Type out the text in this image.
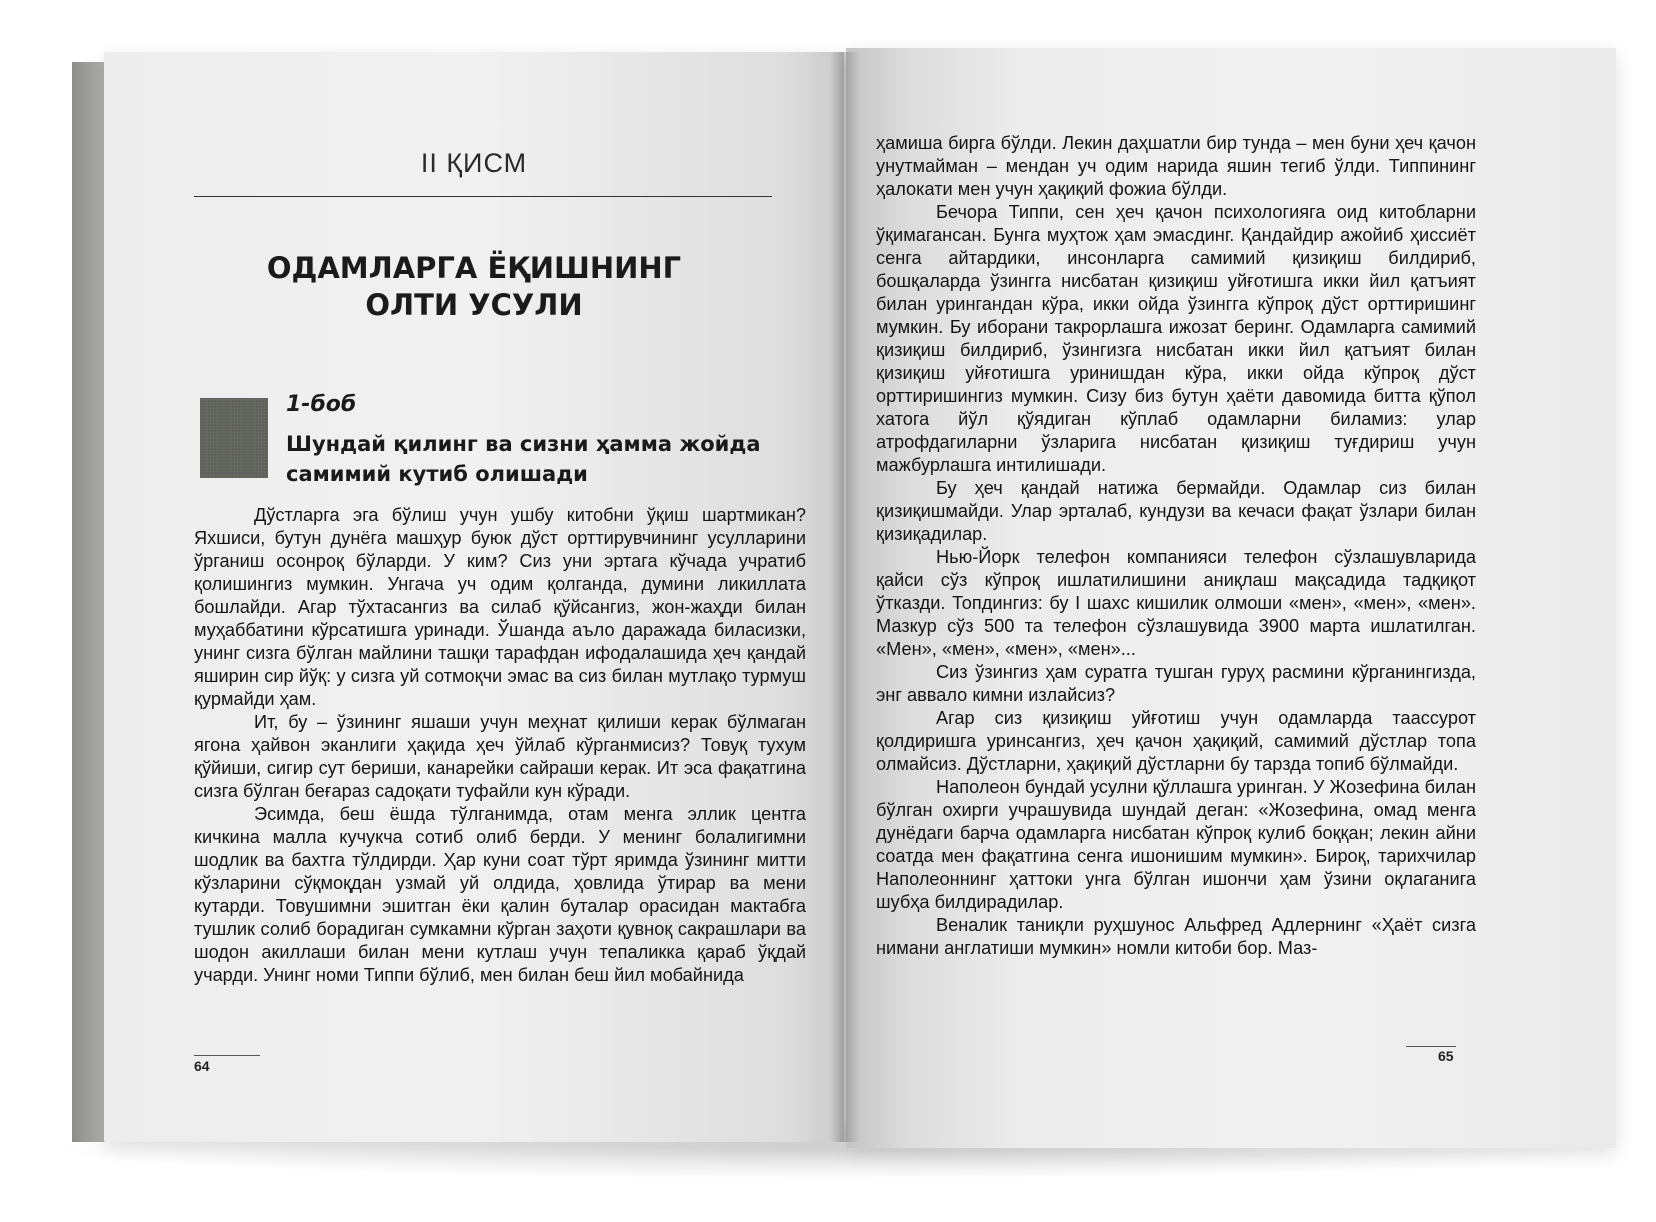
II ҚИСМ
ОДАМЛАРГА ЁҚИШНИНГ
ОЛТИ УСУЛИ
1-боб
Шундай қилинг ва сизни ҳамма жойда
самимий кутиб олишади

Дўстларга эга бўлиш учун ушбу китобни ўқиш шартмикан? Яхшиси, бутун дунёга машҳур буюк дўст орттирувчининг усулларини ўрганиш осонроқ бўларди. У ким? Сиз уни эртага кўчада учратиб қолишингиз мумкин. Унгача уч одим қолганда, думини ликиллата бошлайди. Агар тўхтасангиз ва силаб қўйсангиз, жон-жаҳди билан муҳаббатини кўрсатишга уринади. Ўшанда аъло даражада биласизки, унинг сизга бўлган майлини ташқи тарафдан ифодалашида ҳеч қандай яширин сир йўқ: у сизга уй сотмоқчи эмас ва сиз билан мутлақо турмуш қурмайди ҳам.

Ит, бу – ўзининг яшаши учун меҳнат қилиши керак бўлмаган ягона ҳайвон эканлиги ҳақида ҳеч ўйлаб кўрганмисиз? Товуқ тухум қўйиши, сигир сут бериши, канарейки сайраши керак. Ит эса фақатгина сизга бўлган беғараз садоқати туфайли кун кўради.

Эсимда, беш ёшда тўлганимда, отам менга эллик центга кичкина малла кучукча сотиб олиб берди. У менинг болалигимни шодлик ва бахтга тўлдирди. Ҳар куни соат тўрт яримда ўзининг митти кўзларини сўқмоқдан узмай уй олдида, ҳовлида ўтирар ва мени кутарди. Товушимни эшитган ёки қалин буталар орасидан мактабга тушлик солиб борадиган сумкамни кўрган заҳоти қувноқ сакрашлари ва шодон акиллаши билан мени кутлаш учун тепаликка қараб ўқдай учарди. Унинг номи Типпи бўлиб, мен билан беш йил мобайнида

64

ҳамиша бирга бўлди. Лекин даҳшатли бир тунда – мен буни ҳеч қачон унутмайман – мендан уч одим нарида яшин тегиб ўлди. Типпининг ҳалокати мен учун ҳақиқий фожиа бўлди.

Бечора Типпи, сен ҳеч қачон психологияга оид китобларни ўқимагансан. Бунга муҳтож ҳам эмасдинг. Қандайдир ажойиб ҳиссиёт сенга айтардики, инсонларга самимий қизиқиш билдириб, бошқаларда ўзингга нисбатан қизиқиш уйғотишга икки йил қатъият билан урингандан кўра, икки ойда ўзингга кўпроқ дўст орттиришинг мумкин. Бу иборани такрорлашга ижозат беринг. Одамларга самимий қизиқиш билдириб, ўзингизга нисбатан икки йил қатъият билан қизиқиш уйғотишга уринишдан кўра, икки ойда кўпроқ дўст орттиришингиз мумкин. Сизу биз бутун ҳаёти давомида битта қўпол хатога йўл қўядиган кўплаб одамларни биламиз: улар атрофдагиларни ўзларига нисбатан қизиқиш туғдириш учун мажбурлашга интилишади.

Бу ҳеч қандай натижа бермайди. Одамлар сиз билан қизиқишмайди. Улар эрталаб, кундузи ва кечаси фақат ўзлари билан қизиқадилар.

Нью-Йорк телефон компанияси телефон сўзлашувларида қайси сўз кўпроқ ишлатилишини аниқлаш мақсадида тадқиқот ўтказди. Топдингиз: бу I шахс кишилик олмоши «мен», «мен», «мен». Мазкур сўз 500 та телефон сўзлашувида 3900 марта ишлатилган. «Мен», «мен», «мен», «мен»...

Сиз ўзингиз ҳам суратга тушган гуруҳ расмини кўрганингизда, энг аввало кимни излайсиз?

Агар сиз қизиқиш уйғотиш учун одамларда таассурот қолдиришга уринсангиз, ҳеч қачон ҳақиқий, самимий дўстлар топа олмайсиз. Дўстларни, ҳақиқий дўстларни бу тарзда топиб бўлмайди.

Наполеон бундай усулни қўллашга уринган. У Жозефина билан бўлган охирги учрашувида шундай деган: «Жозефина, омад менга дунёдаги барча одамларга нисбатан кўпроқ кулиб боққан; лекин айни соатда мен фақатгина сенга ишонишим мумкин». Бироқ, тарихчилар Наполеоннинг ҳаттоки унга бўлган ишончи ҳам ўзини оқлаганига шубҳа билдирадилар.

Веналик таниқли руҳшунос Альфред Адлернинг «Ҳаёт сизга нимани англатиши мумкин» номли китоби бор. Маз-

65
